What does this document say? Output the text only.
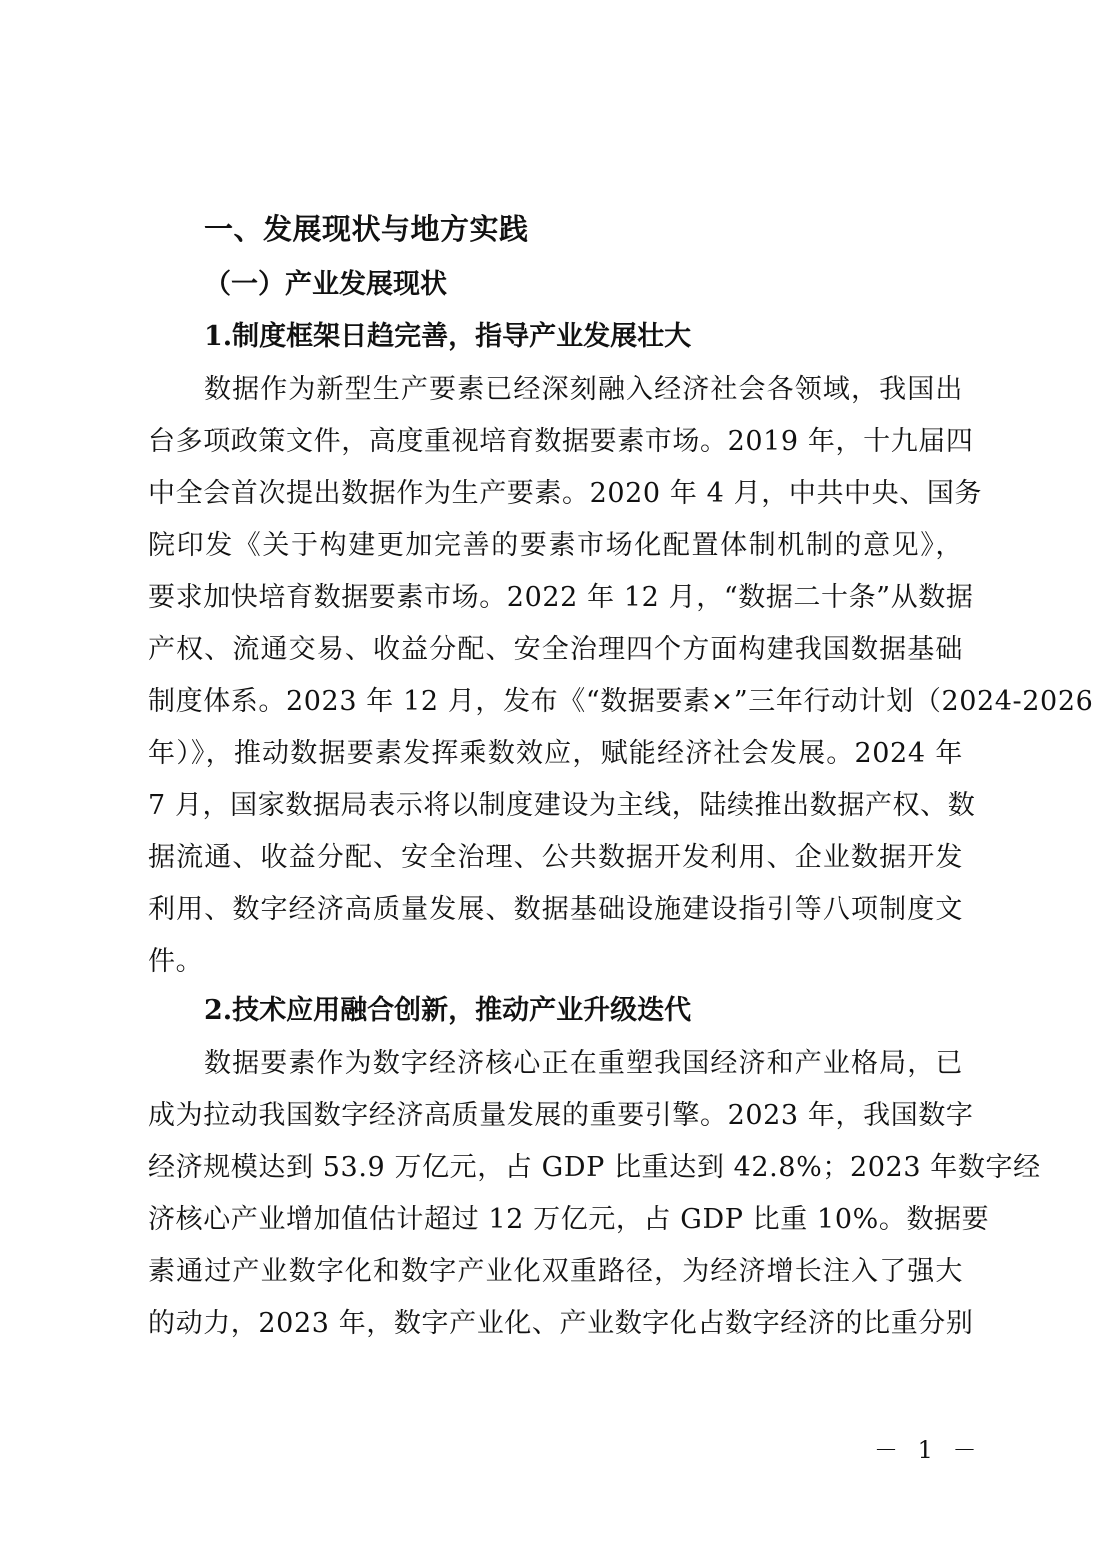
一、发展现状与地方实践
（一）产业发展现状
1.制度框架日趋完善，指导产业发展壮大
数据作为新型生产要素已经深刻融入经济社会各领域，我国出
台多项政策文件，高度重视培育数据要素市场。2019 年，十九届四
中全会首次提出数据作为生产要素。2020 年 4 月，中共中央、国务
院印发《关于构建更加完善的要素市场化配置体制机制的意见》，
要求加快培育数据要素市场。2022 年 12 月，“数据二十条”从数据
产权、流通交易、收益分配、安全治理四个方面构建我国数据基础
制度体系。2023 年 12 月，发布《“数据要素×”三年行动计划（2024-2026
年）》，推动数据要素发挥乘数效应，赋能经济社会发展。2024 年
7 月，国家数据局表示将以制度建设为主线，陆续推出数据产权、数
据流通、收益分配、安全治理、公共数据开发利用、企业数据开发
利用、数字经济高质量发展、数据基础设施建设指引等八项制度文
件。
2.技术应用融合创新，推动产业升级迭代
数据要素作为数字经济核心正在重塑我国经济和产业格局，已
成为拉动我国数字经济高质量发展的重要引擎。2023 年，我国数字
经济规模达到 53.9 万亿元，占 GDP 比重达到 42.8%；2023 年数字经
济核心产业增加值估计超过 12 万亿元，占 GDP 比重 10%。数据要
素通过产业数字化和数字产业化双重路径，为经济增长注入了强大
的动力，2023 年，数字产业化、产业数字化占数字经济的比重分别
－ 1 －
